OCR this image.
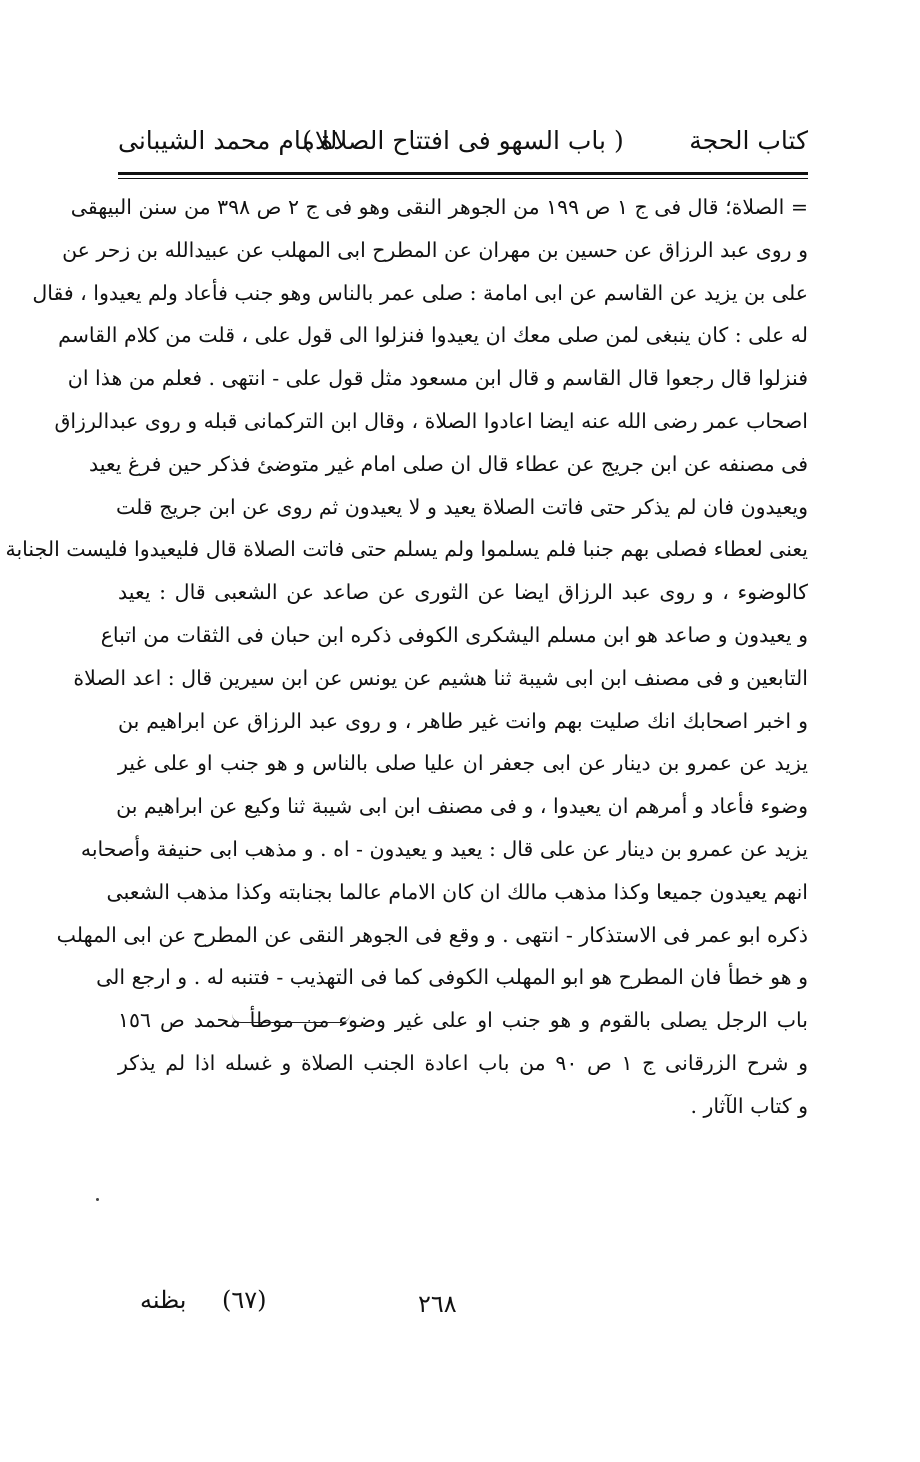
كتاب الحجة
( باب السهو فى افتتاح الصلاة )
للامام محمد الشيبانى
= الصلاة؛ قال فى ج ١ ص ١٩٩ من الجوهر النقى وهو فى ج ٢ ص ٣٩٨ من سنن البيهقى
و روى عبد الرزاق عن حسين بن مهران عن المطرح ابى المهلب عن عبيدالله بن زحر عن
على بن يزيد عن القاسم عن ابى امامة : صلى عمر بالناس وهو جنب فأعاد ولم يعيدوا ، فقال
له على : كان ينبغى لمن صلى معك ان يعيدوا فنزلوا الى قول على ، قلت من كلام القاسم
فنزلوا قال رجعوا قال القاسم و قال ابن مسعود مثل قول على - انتهى . فعلم من هذا ان
اصحاب عمر رضى الله عنه ايضا اعادوا الصلاة ، وقال ابن التركمانى قبله و روى عبدالرزاق
فى مصنفه عن ابن جريج عن عطاء قال ان صلى امام غير متوضئ فذكر حين فرغ يعيد
ويعيدون فان لم يذكر حتى فاتت الصلاة يعيد و لا يعيدون ثم روى عن ابن جريج قلت
يعنى لعطاء فصلى بهم جنبا فلم يسلموا ولم يسلم حتى فاتت الصلاة قال فليعيدوا فليست الجنابة
كالوضوء ، و روى عبد الرزاق ايضا عن الثورى عن صاعد عن الشعبى قال : يعيد
و يعيدون و صاعد هو ابن مسلم اليشكرى الكوفى ذكره ابن حبان فى الثقات من اتباع
التابعين و فى مصنف ابن ابى شيبة ثنا هشيم عن يونس عن ابن سيرين قال : اعد الصلاة
و اخبر اصحابك انك صليت بهم وانت غير طاهر ، و روى عبد الرزاق عن ابراهيم بن
يزيد عن عمرو بن دينار عن ابى جعفر ان عليا صلى بالناس و هو جنب او على غير
وضوء فأعاد و أمرهم ان يعيدوا ، و فى مصنف ابن ابى شيبة ثنا وكيع عن ابراهيم بن
يزيد عن عمرو بن دينار عن على قال : يعيد و يعيدون - اه . و مذهب ابى حنيفة وأصحابه
انهم يعيدون جميعا وكذا مذهب مالك ان كان الامام عالما بجنابته وكذا مذهب الشعبى
ذكره ابو عمر فى الاستذكار - انتهى . و وقع فى الجوهر النقى عن المطرح عن ابى المهلب
و هو خطأ فان المطرح هو ابو المهلب الكوفى كما فى التهذيب - فتنبه له . و ارجع الى
باب الرجل يصلى بالقوم و هو جنب او على غير وضوء من موطأ محمد ص ١٥٦
و شرح الزرقانى ج ١ ص ٩٠ من باب اعادة الجنب الصلاة و غسله اذا لم يذكر
و كتاب الآثار .
بظنه (٦٧)	٢٦٨
